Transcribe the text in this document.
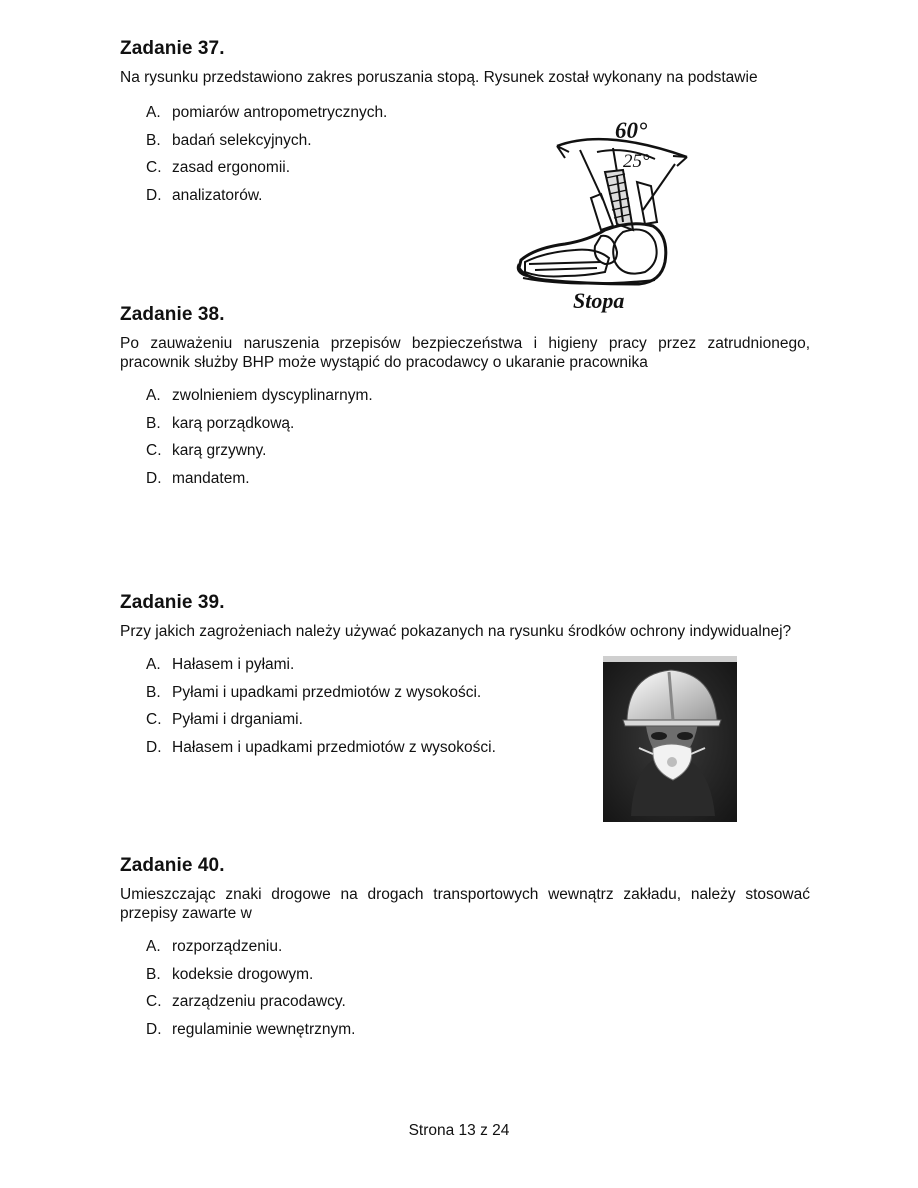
Zadanie 37.

Na rysunku przedstawiono zakres poruszania stopą. Rysunek został wykonany na podstawie

A. pomiarów antropometrycznych.
B. badań selekcyjnych.
C. zasad ergonomii.
D. analizatorów.
60°
25°
Stopa
Zadanie 38.

Po zauważeniu naruszenia przepisów bezpieczeństwa i higieny pracy przez zatrudnionego, pracownik służby BHP może wystąpić do pracodawcy o ukaranie pracownika

A. zwolnieniem dyscyplinarnym.
B. karą porządkową.
C. karą grzywny.
D. mandatem.
Zadanie 39.

Przy jakich zagrożeniach należy używać pokazanych na rysunku środków ochrony indywidualnej?

A. Hałasem i pyłami.
B. Pyłami i upadkami przedmiotów z wysokości.
C. Pyłami i drganiami.
D. Hałasem i upadkami przedmiotów z wysokości.
Zadanie 40.

Umieszczając znaki drogowe na drogach transportowych wewnątrz zakładu, należy stosować przepisy zawarte w

A. rozporządzeniu.
B. kodeksie drogowym.
C. zarządzeniu pracodawcy.
D. regulaminie wewnętrznym.
Strona 13 z 24
